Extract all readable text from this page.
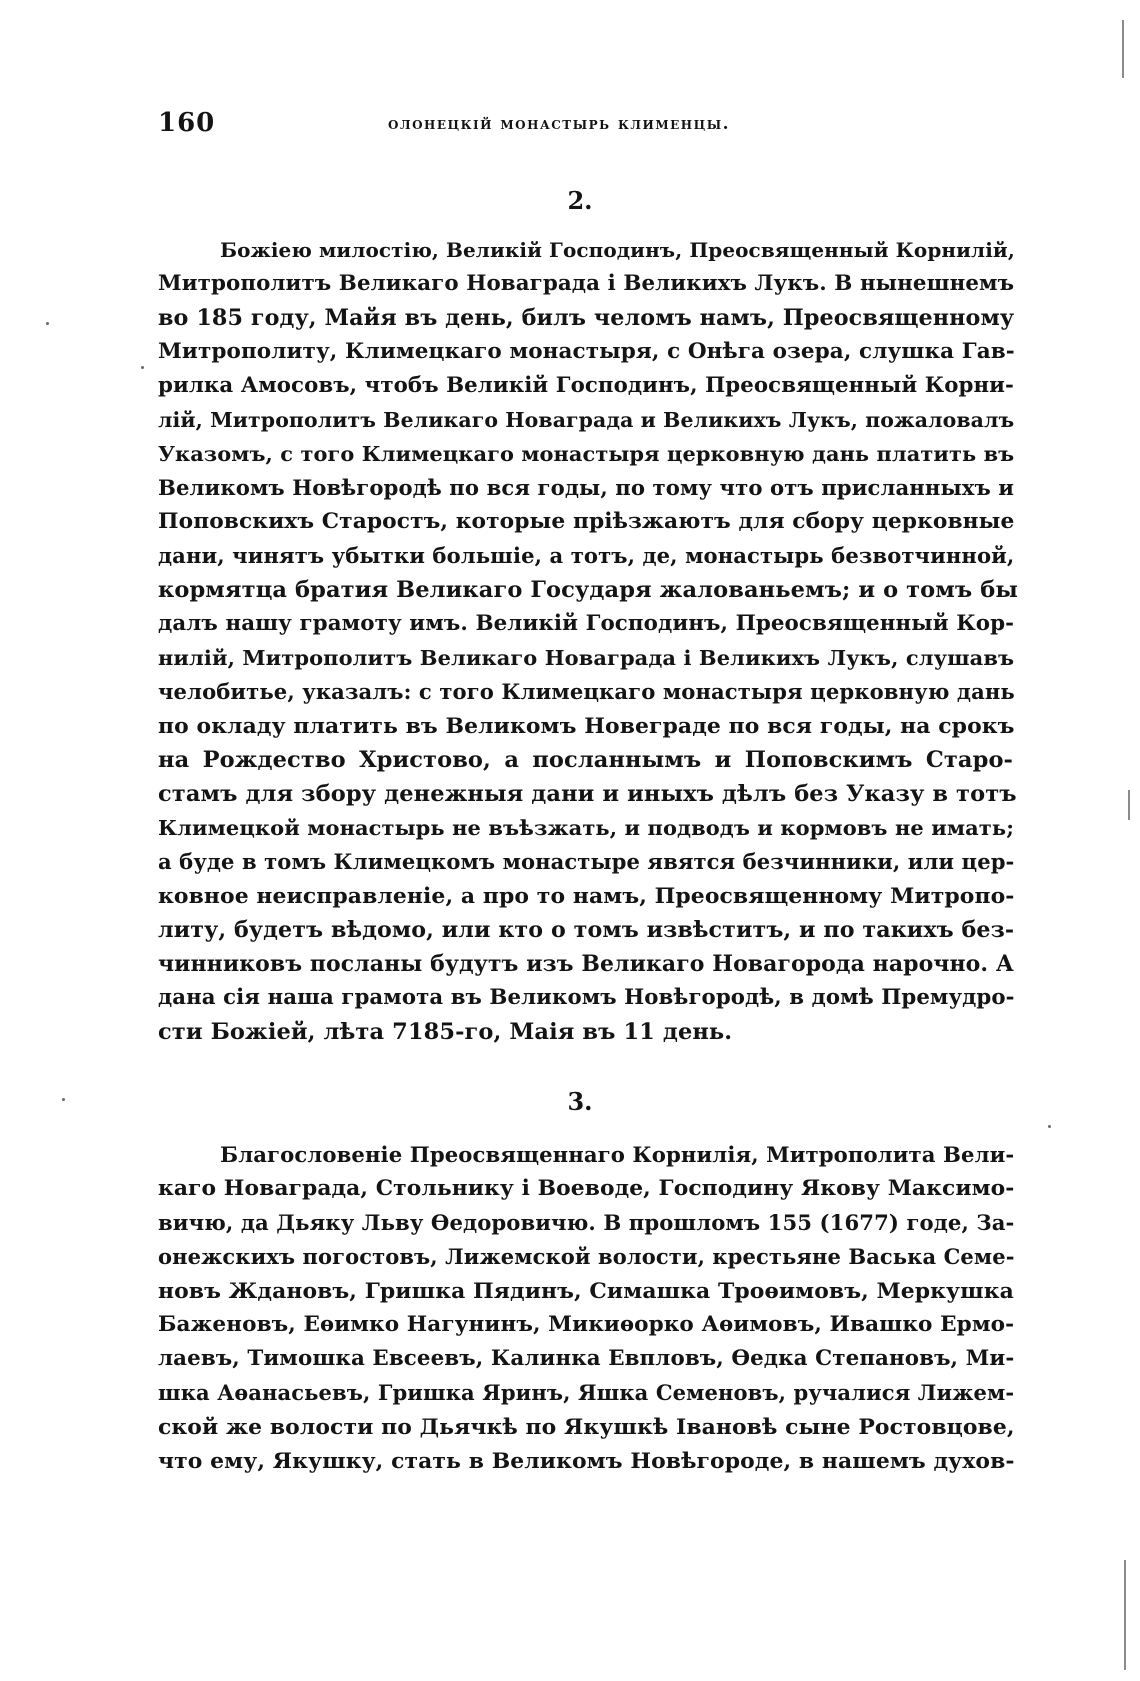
160	олонецкій монастырь клименцы.
2.
Божіею милостію, Великій Господинъ, Преосвященный Корнилій,
Митрополитъ Великаго Новаграда і Великихъ Лукъ. В нынешнемъ
во 185 году, Майя въ день, билъ челомъ намъ, Преосвященному
Митрополиту, Климецкаго монастыря, с Онѣга озера, слушка Гав-
рилка Амосовъ, чтобъ Великій Господинъ, Преосвященный Корни-
лій, Митрополитъ Великаго Новаграда и Великихъ Лукъ, пожаловалъ
Указомъ, с того Климецкаго монастыря церковную дань платить въ
Великомъ Новѣгородѣ по вся годы, по тому что отъ присланныхъ и
Поповскихъ Старостъ, которые пріѣзжаютъ для сбору церковные
дани, чинятъ убытки большіе, а тотъ, де, монастырь безвотчинной,
кормятца братия Великаго Государя жалованьемъ; и о томъ бы
далъ нашу грамоту имъ. Великій Господинъ, Преосвященный Кор-
нилій, Митрополитъ Великаго Новаграда і Великихъ Лукъ, слушавъ
челобитье, указалъ: с того Климецкаго монастыря церковную дань
по окладу платить въ Великомъ Новеграде по вся годы, на срокъ
на Рождество Христово, а посланнымъ и Поповскимъ Старо-
стамъ для збору денежныя дани и иныхъ дѣлъ без Указу в тотъ
Климецкой монастырь не въѣзжать, и подводъ и кормовъ не имать;
а буде в томъ Климецкомъ монастыре явятся безчинники, или цер-
ковное неисправленіе, а про то намъ, Преосвященному Митропо-
литу, будетъ вѣдомо, или кто о томъ извѣститъ, и по такихъ без-
чинниковъ посланы будутъ изъ Великаго Новагорода нарочно. А
дана сія наша грамота въ Великомъ Новѣгородѣ, в домѣ Премудро-
сти Божіей, лѣта 7185-го, Маія въ 11 день.
3.
Благословеніе Преосвященнаго Корнилія, Митрополита Вели-
каго Новаграда, Стольнику і Воеводе, Господину Якову Максимо-
вичю, да Дьяку Льву Өедоровичю. В прошломъ 155 (1677) годе, За-
онежскихъ погостовъ, Лижемской волости, крестьяне Васька Семе-
новъ Ждановъ, Гришка Пядинъ, Симашка Троѳимовъ, Меркушка
Баженовъ, Еѳимко Нагунинъ, Микиѳорко Аѳимовъ, Ивашко Ермо-
лаевъ, Тимошка Евсеевъ, Калинка Евпловъ, Өедка Степановъ, Ми-
шка Аѳанасьевъ, Гришка Яринъ, Яшка Семеновъ, ручалися Лижем-
ской же волости по Дьячкѣ по Якушкѣ Івановѣ сыне Ростовцове,
что ему, Якушку, стать в Великомъ Новѣгороде, в нашемъ духов-
